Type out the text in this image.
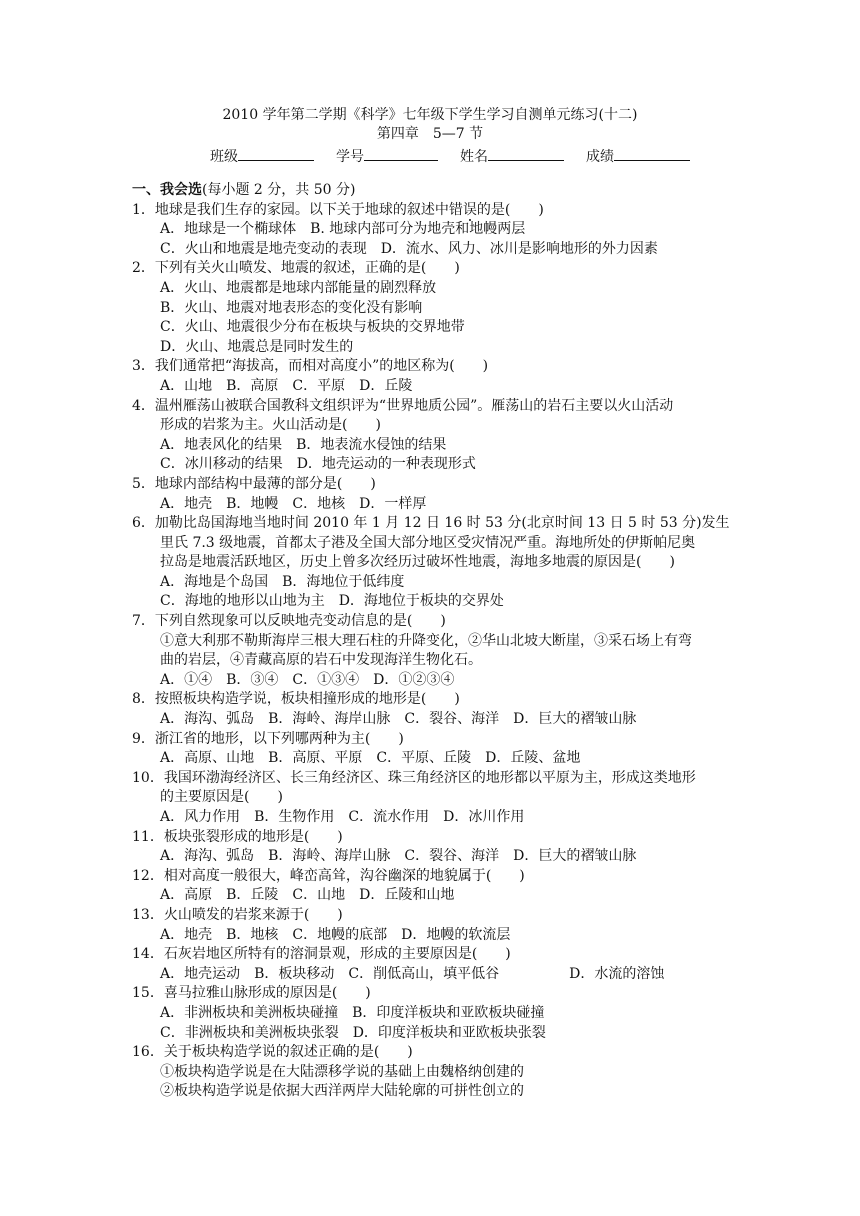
2010 学年第二学期《科学》七年级下学生学习自测单元练习(十二)
第四章　5—7 节
班级	学号	姓名	成绩
一、我会选(每小题 2 分，共 50 分)
1．地球是我们生存的家园。以下关于地球的叙述中错误的是(　　)
A．地球是一个椭球体　B. 地球内部可分为地壳和地幔两层
C．火山和地震是地壳变动的表现　D．流水、风力、冰川是影响地形的外力因素
2．下列有关火山喷发、地震的叙述，正确的是(　　)
A．火山、地震都是地球内部能量的剧烈释放
B．火山、地震对地表形态的变化没有影响
C．火山、地震很少分布在板块与板块的交界地带
D．火山、地震总是同时发生的
3．我们通常把“海拔高，而相对高度小”的地区称为(　　)
A．山地　B．高原　C．平原　D．丘陵
4．温州雁荡山被联合国教科文组织评为“世界地质公园”。雁荡山的岩石主要以火山活动
形成的岩浆为主。火山活动是(　　)
A．地表风化的结果　B．地表流水侵蚀的结果
C．冰川移动的结果　D．地壳运动的一种表现形式
5．地球内部结构中最薄的部分是(　　)
A．地壳　B．地幔　C．地核　D．一样厚
6．加勒比岛国海地当地时间 2010 年 1 月 12 日 16 时 53 分(北京时间 13 日 5 时 53 分)发生
里氏 7.3 级地震，首都太子港及全国大部分地区受灾情况严重。海地所处的伊斯帕尼奥
拉岛是地震活跃地区，历史上曾多次经历过破坏性地震，海地多地震的原因是(　　)
A．海地是个岛国　B．海地位于低纬度
C．海地的地形以山地为主　D．海地位于板块的交界处
7．下列自然现象可以反映地壳变动信息的是(　　)
①意大利那不勒斯海岸三根大理石柱的升降变化，②华山北坡大断崖，③采石场上有弯
曲的岩层，④青藏高原的岩石中发现海洋生物化石。
A．①④　B．③④　C．①③④　D．①②③④
8．按照板块构造学说，板块相撞形成的地形是(　　)
A．海沟、弧岛　B．海岭、海岸山脉　C．裂谷、海洋　D．巨大的褶皱山脉
9．浙江省的地形，以下列哪两种为主(　　)
A．高原、山地　B．高原、平原　C．平原、丘陵　D．丘陵、盆地
10．我国环渤海经济区、长三角经济区、珠三角经济区的地形都以平原为主，形成这类地形
的主要原因是(　　)
A．风力作用　B．生物作用　C．流水作用　D．冰川作用
11．板块张裂形成的地形是(　　)
A．海沟、弧岛　B．海岭、海岸山脉　C．裂谷、海洋　D．巨大的褶皱山脉
12．相对高度一般很大，峰峦高耸，沟谷幽深的地貌属于(　　)
A．高原　B．丘陵　C．山地　D．丘陵和山地
13．火山喷发的岩浆来源于(　　)
A．地壳　B．地核　C．地幔的底部　D．地幔的软流层
14．石灰岩地区所特有的溶洞景观，形成的主要原因是(　　)
A．地壳运动　B．板块移动　C．削低高山，填平低谷　　　　　D．水流的溶蚀
15．喜马拉雅山脉形成的原因是(　　)
A．非洲板块和美洲板块碰撞　B．印度洋板块和亚欧板块碰撞
C．非洲板块和美洲板块张裂　D．印度洋板块和亚欧板块张裂
16．关于板块构造学说的叙述正确的是(　　)
①板块构造学说是在大陆漂移学说的基础上由魏格纳创建的
②板块构造学说是依据大西洋两岸大陆轮廓的可拼性创立的
